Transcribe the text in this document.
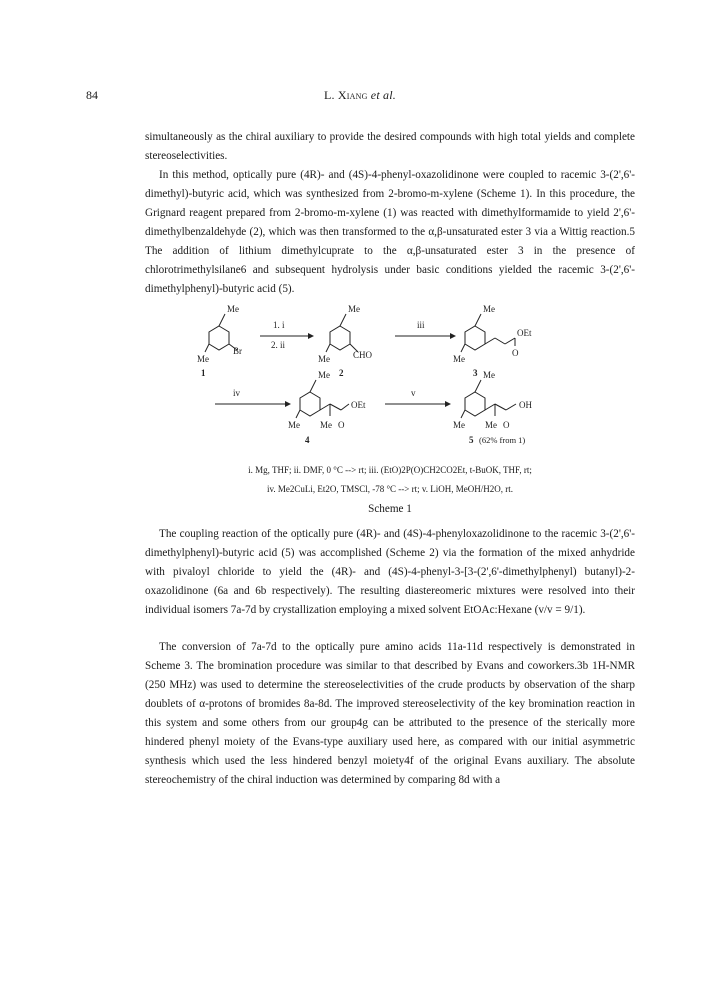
84	L. Xiang et al.

simultaneously as the chiral auxiliary to provide the desired compounds with high total yields and complete stereoselectivities.

In this method, optically pure (4R)- and (4S)-4-phenyl-oxazolidinone were coupled to racemic 3-(2',6'-dimethyl)-butyric acid, which was synthesized from 2-bromo-m-xylene (Scheme 1). In this procedure, the Grignard reagent prepared from 2-bromo-m-xylene (1) was reacted with dimethylformamide to yield 2',6'-dimethylbenzaldehyde (2), which was then transformed to the α,β-unsaturated ester 3 via a Wittig reaction.5 The addition of lithium dimethylcuprate to the α,β-unsaturated ester 3 in the presence of chlorotrimethylsilane6 and subsequent hydrolysis under basic conditions yielded the racemic 3-(2',6'-dimethylphenyl)-butyric acid (5).

Me
Br
Me
1
1. i
2. ii
Me
CHO
Me
2
iii
Me
OEt
Me
O
3
iv
Me
OEt
Me Me O
4
v
Me
OH
Me Me O
5 (62% from 1)
i. Mg, THF; ii. DMF, 0 °C --> rt; iii. (EtO)2P(O)CH2CO2Et, t-BuOK, THF, rt;
iv. Me2CuLi, Et2O, TMSCl, -78 °C --> rt; v. LiOH, MeOH/H2O, rt.
Scheme 1

The coupling reaction of the optically pure (4R)- and (4S)-4-phenyloxazolidinone to the racemic 3-(2',6'-dimethylphenyl)-butyric acid (5) was accomplished (Scheme 2) via the formation of the mixed anhydride with pivaloyl chloride to yield the (4R)- and (4S)-4-phenyl-3-[3-(2',6'-dimethylphenyl) butanyl)-2-oxazolidinone (6a and 6b respectively). The resulting diastereomeric mixtures were resolved into their individual isomers 7a-7d by crystallization employing a mixed solvent EtOAc:Hexane (v/v = 9/1).

The conversion of 7a-7d to the optically pure amino acids 11a-11d respectively is demonstrated in Scheme 3. The bromination procedure was similar to that described by Evans and coworkers.3b 1H-NMR (250 MHz) was used to determine the stereoselectivities of the crude products by observation of the sharp doublets of α-protons of bromides 8a-8d. The improved stereoselectivity of the key bromination reaction in this system and some others from our group4g can be attributed to the presence of the sterically more hindered phenyl moiety of the Evans-type auxiliary used here, as compared with our initial asymmetric synthesis which used the less hindered benzyl moiety4f of the original Evans auxiliary. The absolute stereochemistry of the chiral induction was determined by comparing 8d with a
